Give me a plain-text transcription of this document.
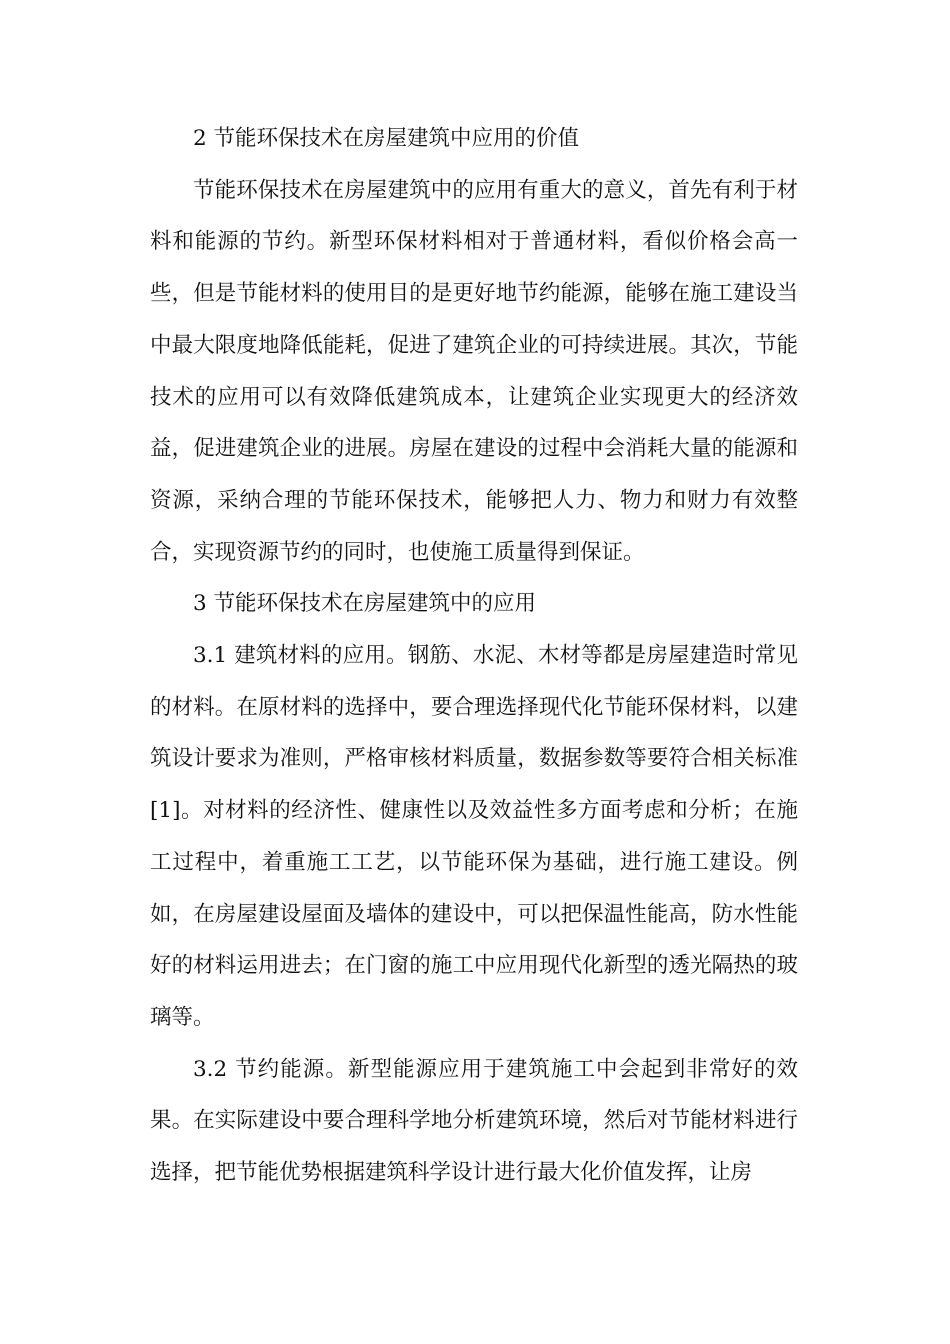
2 节能环保技术在房屋建筑中应用的价值

节能环保技术在房屋建筑中的应用有重大的意义，首先有利于材料和能源的节约。新型环保材料相对于普通材料，看似价格会高一些，但是节能材料的使用目的是更好地节约能源，能够在施工建设当中最大限度地降低能耗，促进了建筑企业的可持续进展。其次，节能技术的应用可以有效降低建筑成本，让建筑企业实现更大的经济效益，促进建筑企业的进展。房屋在建设的过程中会消耗大量的能源和资源，采纳合理的节能环保技术，能够把人力、物力和财力有效整合，实现资源节约的同时，也使施工质量得到保证。

3 节能环保技术在房屋建筑中的应用

3.1 建筑材料的应用。钢筋、水泥、木材等都是房屋建造时常见的材料。在原材料的选择中，要合理选择现代化节能环保材料，以建筑设计要求为准则，严格审核材料质量，数据参数等要符合相关标准[1]。对材料的经济性、健康性以及效益性多方面考虑和分析；在施工过程中，着重施工工艺，以节能环保为基础，进行施工建设。例如，在房屋建设屋面及墙体的建设中，可以把保温性能高，防水性能好的材料运用进去；在门窗的施工中应用现代化新型的透光隔热的玻璃等。

3.2 节约能源。新型能源应用于建筑施工中会起到非常好的效果。在实际建设中要合理科学地分析建筑环境，然后对节能材料进行选择，把节能优势根据建筑科学设计进行最大化价值发挥，让房
